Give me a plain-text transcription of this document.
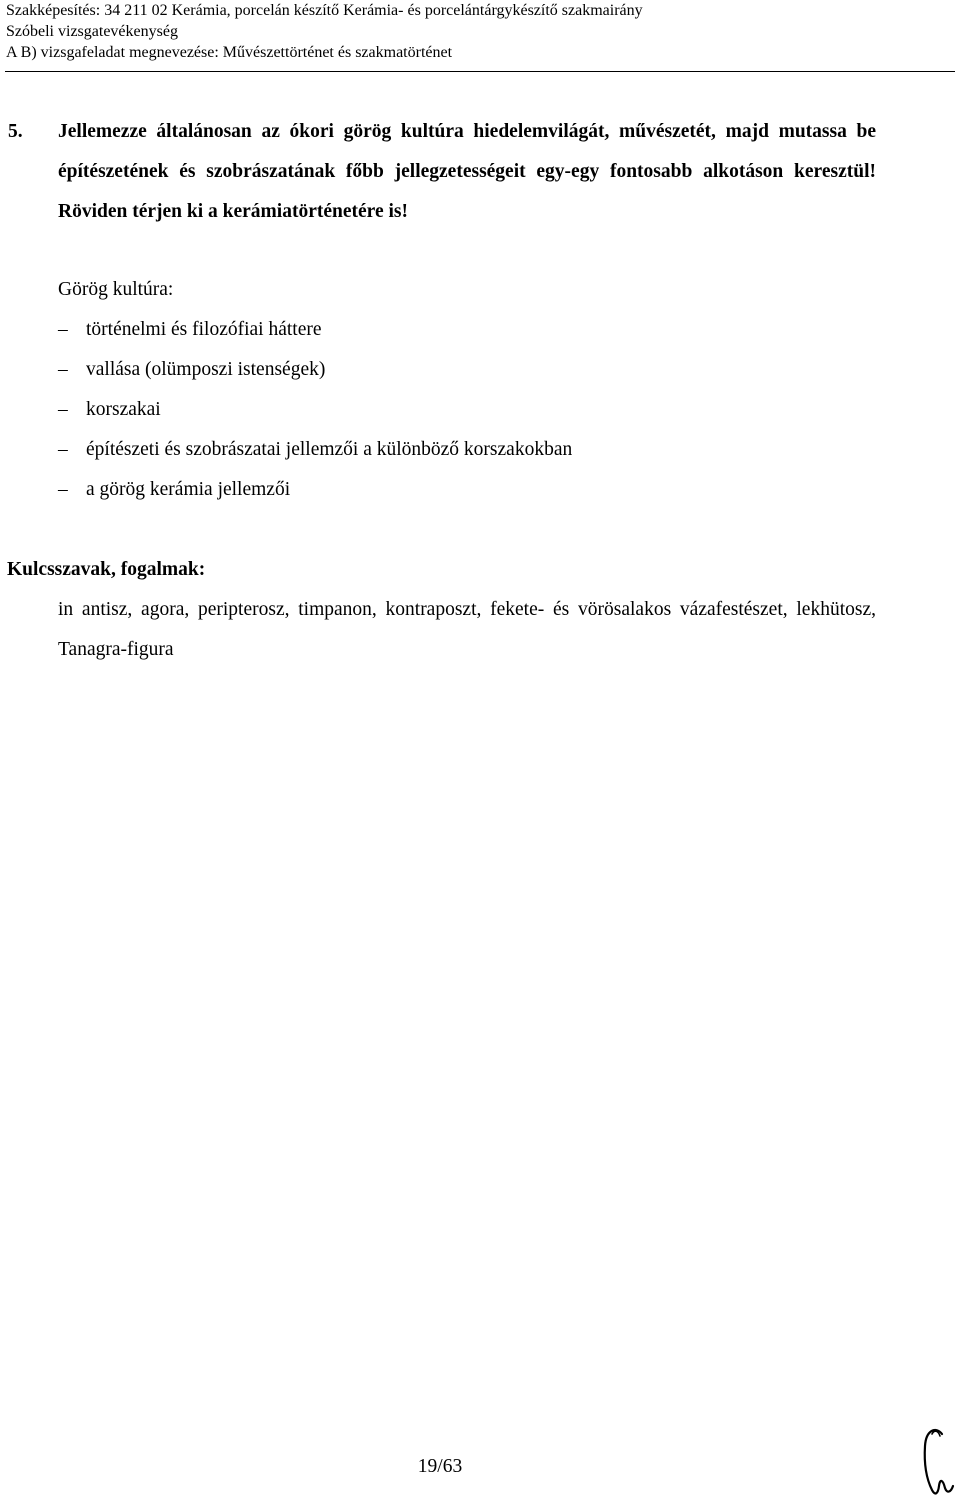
Szakképesítés: 34 211 02 Kerámia, porcelán készítő Kerámia- és porcelántárgykészítő szakmairány
Szóbeli vizsgatevékenység
A B) vizsgafeladat megnevezése: Művészettörténet és szakmatörténet
5. Jellemezze általánosan az ókori görög kultúra hiedelemvilágát, művészetét, majd mutassa be építészetének és szobrászatának főbb jellegzetességeit egy-egy fontosabb alkotáson keresztül! Röviden térjen ki a kerámiatörténetére is!
Görög kultúra:
– történelmi és filozófiai háttere
– vallása (olümposzi istenségek)
– korszakai
– építészeti és szobrászatai jellemzői a különböző korszakokban
– a görög kerámia jellemzői
Kulcsszavak, fogalmak:
in antisz, agora, peripterosz, timpanon, kontraposzt, fekete- és vörösalakos vázafestészet, lekhütosz, Tanagra-figura
19/63
